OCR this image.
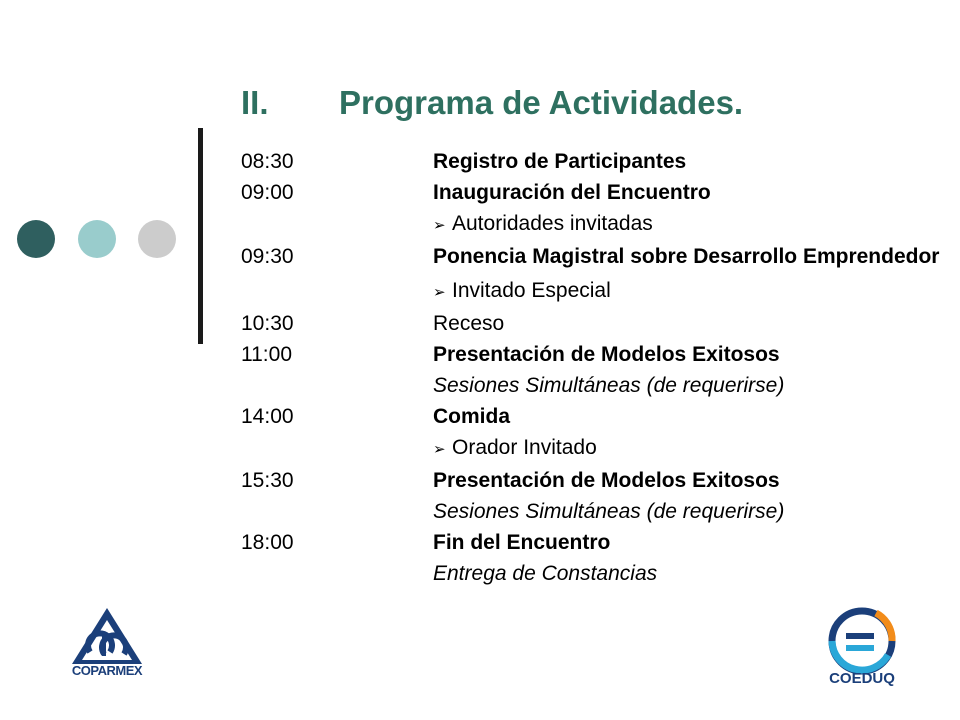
II. Programa de Actividades.
08:30	Registro de Participantes
09:00	Inauguración del Encuentro
➢ Autoridades invitadas
09:30	Ponencia Magistral sobre Desarrollo Emprendedor
➢ Invitado Especial
10:30	Receso
11:00	Presentación de Modelos Exitosos
Sesiones Simultáneas (de requerirse)
14:00	Comida
➢ Orador Invitado
15:30	Presentación de Modelos Exitosos
Sesiones Simultáneas (de requerirse)
18:00	Fin del Encuentro
Entrega de Constancias
COPARMEX	COEDUQ
